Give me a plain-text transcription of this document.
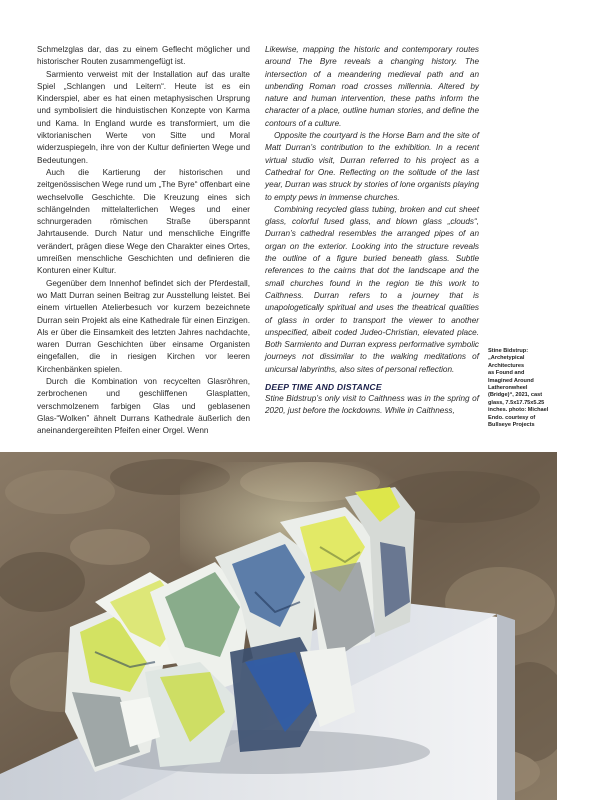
Schmelzglas dar, das zu einem Geflecht möglicher und historischer Routen zusammengefügt ist.

Sarmiento verweist mit der Installation auf das uralte Spiel „Schlangen und Leitern“. Heute ist es ein Kinderspiel, aber es hat einen metaphysischen Ursprung und symbolisiert die hinduistischen Konzepte von Karma und Kama. In England wurde es transformiert, um die viktorianischen Werte von Sitte und Moral widerzuspiegeln, ihre von der Kultur definierten Wege und Bedeutungen.

Auch die Kartierung der historischen und zeitgenössischen Wege rund um „The Byre“ offenbart eine wechselvolle Geschichte. Die Kreuzung eines sich schlängelnden mittelalterlichen Weges und einer schnurgeraden römischen Straße überspannt Jahrtausende. Durch Natur und menschliche Eingriffe verändert, prägen diese Wege den Charakter eines Ortes, umreißen menschliche Geschichten und definieren die Konturen einer Kultur.

Gegenüber dem Innenhof befindet sich der Pferdestall, wo Matt Durran seinen Beitrag zur Ausstellung leistet. Bei einem virtuellen Atelierbesuch vor kurzem bezeichnete Durran sein Projekt als eine Kathedrale für einen Einzigen. Als er über die Einsamkeit des letzten Jahres nachdachte, waren Durran Geschichten über einsame Organisten eingefallen, die in riesigen Kirchen vor leeren Kirchenbänken spielen.

Durch die Kombination von recycelten Glasröhren, zerbrochenen und geschliffenen Glasplatten, verschmolzenem farbigen Glas und geblasenen Glas-“Wolken” ähnelt Durrans Kathedrale äußerlich den aneinandergereihten Pfeifen einer Orgel. Wenn

Likewise, mapping the historic and contemporary routes around The Byre reveals a changing history. The intersection of a meandering medieval path and an unbending Roman road crosses millennia. Altered by nature and human intervention, these paths inform the character of a place, outline human stories, and define the contours of a culture.

Opposite the courtyard is the Horse Barn and the site of Matt Durran’s contribution to the exhibition. In a recent virtual studio visit, Durran referred to his project as a Cathedral for One. Reflecting on the solitude of the last year, Durran was struck by stories of lone organists playing to empty pews in immense churches.

Combining recycled glass tubing, broken and cut sheet glass, colorful fused glass, and blown glass „clouds“, Durran’s cathedral resembles the arranged pipes of an organ on the exterior. Looking into the structure reveals the outline of a figure buried beneath glass. Subtle references to the cairns that dot the landscape and the small churches found in the region tie this work to Caithness. Durran refers to a journey that is unapologetically spiritual and uses the theatrical qualities of glass in order to transport the viewer to another unspecified, albeit coded Judeo-Christian, elevated place. Both Sarmiento and Durran express performative symbolic journeys not dissimilar to the walking meditations of unicursal labyrinths, also sites of personal reflection.

DEEP TIME AND DISTANCE

Stine Bidstrup’s only visit to Caithness was in the spring of 2020, just before the lockdowns. While in Caithness,

Stine Bidstrup:
„Archetypical
Architectures
as Found and
Imagined Around
Latheronwheel
(Bridge)“, 2021, cast
glass, 7.5x17.75x5.25
inches. photo: Michael
Endo. courtesy of
Bullseye Projects
